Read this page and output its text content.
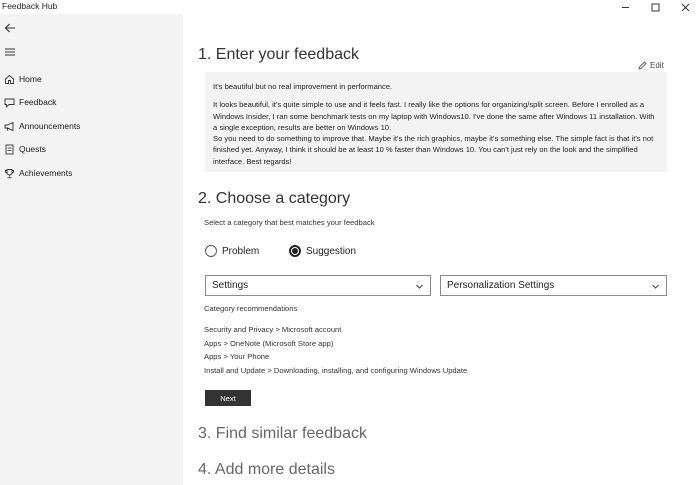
Feedback Hub
Home
Feedback
Announcements
Quests
Achievements
1. Enter your feedback
Edit

It's beautiful but no real improvement in performance.

It looks beautiful, it's quite simple to use and it feels fast. I really like the options for organizing/split screen. Before I enrolled as a Windows Insider, I ran some benchmark tests on my laptop with Windows10. I've done the same after Windows 11 installation. With a single exception, results are better on Windows 10.

So you need to do something to improve that. Maybe it's the rich graphics, maybe it's something else. The simple fact is that it's not finished yet. Anyway, I think it should be at least 10 % faster than Windows 10. You can't just rely on the look and the simplified interface. Best regards!

2. Choose a category
Select a category that best matches your feedback
Problem	Suggestion
Settings	Personalization Settings
Category recommendations
Security and Privacy > Microsoft account
Apps > OneNote (Microsoft Store app)
Apps > Your Phone
Install and Update > Downloading, installing, and configuring Windows Update
Next
3. Find similar feedback
4. Add more details
